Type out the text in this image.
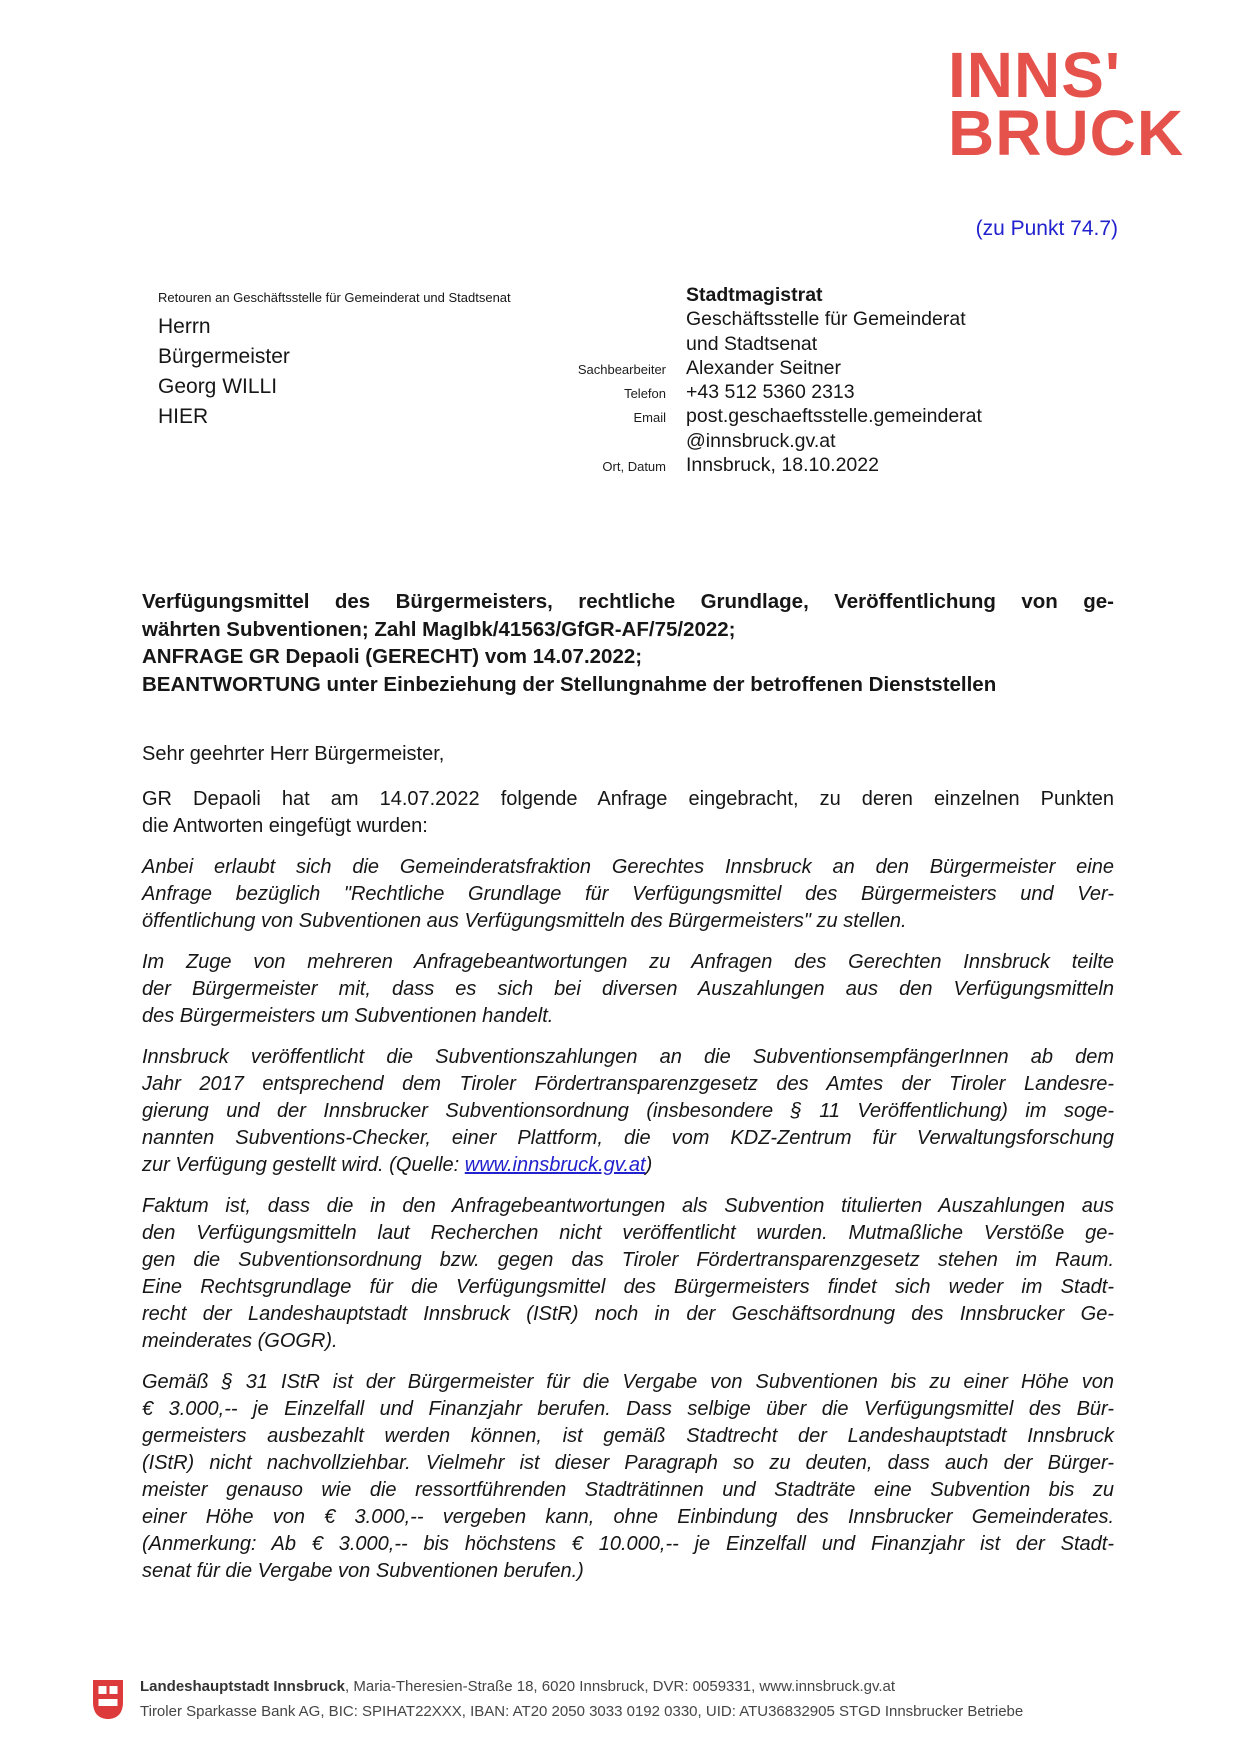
INNS'
BRUCK
(zu Punkt 74.7)
Retouren an Geschäftsstelle für Gemeinderat und Stadtsenat
Herrn
Bürgermeister
Georg WILLI
HIER
Stadtmagistrat
Geschäftsstelle für Gemeinderat
und Stadtsenat
Sachbearbeiter Alexander Seitner
Telefon +43 512 5360 2313
Email post.geschaeftsstelle.gemeinderat
@innsbruck.gv.at
Ort, Datum Innsbruck, 18.10.2022
Verfügungsmittel des Bürgermeisters, rechtliche Grundlage, Veröffentlichung von ge-
währten Subventionen; Zahl MagIbk/41563/GfGR-AF/75/2022;
ANFRAGE GR Depaoli (GERECHT) vom 14.07.2022;
BEANTWORTUNG unter Einbeziehung der Stellungnahme der betroffenen Dienststellen
Sehr geehrter Herr Bürgermeister,
GR Depaoli hat am 14.07.2022 folgende Anfrage eingebracht, zu deren einzelnen Punkten
die Antworten eingefügt wurden:
Anbei erlaubt sich die Gemeinderatsfraktion Gerechtes Innsbruck an den Bürgermeister eine
Anfrage bezüglich "Rechtliche Grundlage für Verfügungsmittel des Bürgermeisters und Ver-
öffentlichung von Subventionen aus Verfügungsmitteln des Bürgermeisters" zu stellen.
Im Zuge von mehreren Anfragebeantwortungen zu Anfragen des Gerechten Innsbruck teilte
der Bürgermeister mit, dass es sich bei diversen Auszahlungen aus den Verfügungsmitteln
des Bürgermeisters um Subventionen handelt.
Innsbruck veröffentlicht die Subventionszahlungen an die SubventionsempfängerInnen ab dem
Jahr 2017 entsprechend dem Tiroler Fördertransparenzgesetz des Amtes der Tiroler Landesre-
gierung und der Innsbrucker Subventionsordnung (insbesondere § 11 Veröffentlichung) im soge-
nannten Subventions-Checker, einer Plattform, die vom KDZ-Zentrum für Verwaltungsforschung
zur Verfügung gestellt wird. (Quelle: www.innsbruck.gv.at)
Faktum ist, dass die in den Anfragebeantwortungen als Subvention titulierten Auszahlungen aus
den Verfügungsmitteln laut Recherchen nicht veröffentlicht wurden. Mutmaßliche Verstöße ge-
gen die Subventionsordnung bzw. gegen das Tiroler Fördertransparenzgesetz stehen im Raum.
Eine Rechtsgrundlage für die Verfügungsmittel des Bürgermeisters findet sich weder im Stadt-
recht der Landeshauptstadt Innsbruck (IStR) noch in der Geschäftsordnung des Innsbrucker Ge-
meinderates (GOGR).
Gemäß § 31 IStR ist der Bürgermeister für die Vergabe von Subventionen bis zu einer Höhe von
€ 3.000,-- je Einzelfall und Finanzjahr berufen. Dass selbige über die Verfügungsmittel des Bür-
germeisters ausbezahlt werden können, ist gemäß Stadtrecht der Landeshauptstadt Innsbruck
(IStR) nicht nachvollziehbar. Vielmehr ist dieser Paragraph so zu deuten, dass auch der Bürger-
meister genauso wie die ressortführenden Stadträtinnen und Stadträte eine Subvention bis zu
einer Höhe von € 3.000,-- vergeben kann, ohne Einbindung des Innsbrucker Gemeinderates.
(Anmerkung: Ab € 3.000,-- bis höchstens € 10.000,-- je Einzelfall und Finanzjahr ist der Stadt-
senat für die Vergabe von Subventionen berufen.)
Landeshauptstadt Innsbruck, Maria-Theresien-Straße 18, 6020 Innsbruck, DVR: 0059331, www.innsbruck.gv.at
Tiroler Sparkasse Bank AG, BIC: SPIHAT22XXX, IBAN: AT20 2050 3033 0192 0330, UID: ATU36832905 STGD Innsbrucker Betriebe
